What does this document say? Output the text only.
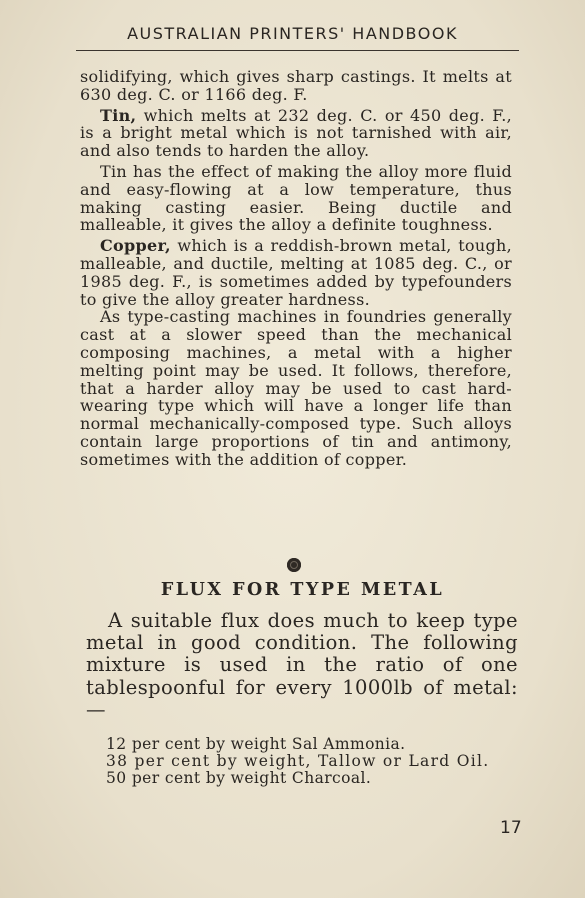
AUSTRALIAN PRINTERS' HANDBOOK

solidifying, which gives sharp castings. It melts at 630 deg. C. or 1166 deg. F.

Tin, which melts at 232 deg. C. or 450 deg. F., is a bright metal which is not tarnished with air, and also tends to harden the alloy.

Tin has the effect of making the alloy more fluid and easy-flowing at a low temperature, thus making casting easier. Being ductile and malleable, it gives the alloy a definite toughness.

Copper, which is a reddish-brown metal, tough, malleable, and ductile, melting at 1085 deg. C., or 1985 deg. F., is sometimes added by typefounders to give the alloy greater hardness.

As type-casting machines in foundries generally cast at a slower speed than the mechanical composing machines, a metal with a higher melting point may be used. It follows, therefore, that a harder alloy may be used to cast hard-wearing type which will have a longer life than normal mechanically-composed type. Such alloys contain large proportions of tin and antimony, sometimes with the addition of copper.

FLUX FOR TYPE METAL

A suitable flux does much to keep type metal in good condition. The following mixture is used in the ratio of one tablespoonful for every 1000lb of metal:—

12 per cent by weight Sal Ammonia.
38 per cent by weight, Tallow or Lard Oil.
50 per cent by weight Charcoal.
17
